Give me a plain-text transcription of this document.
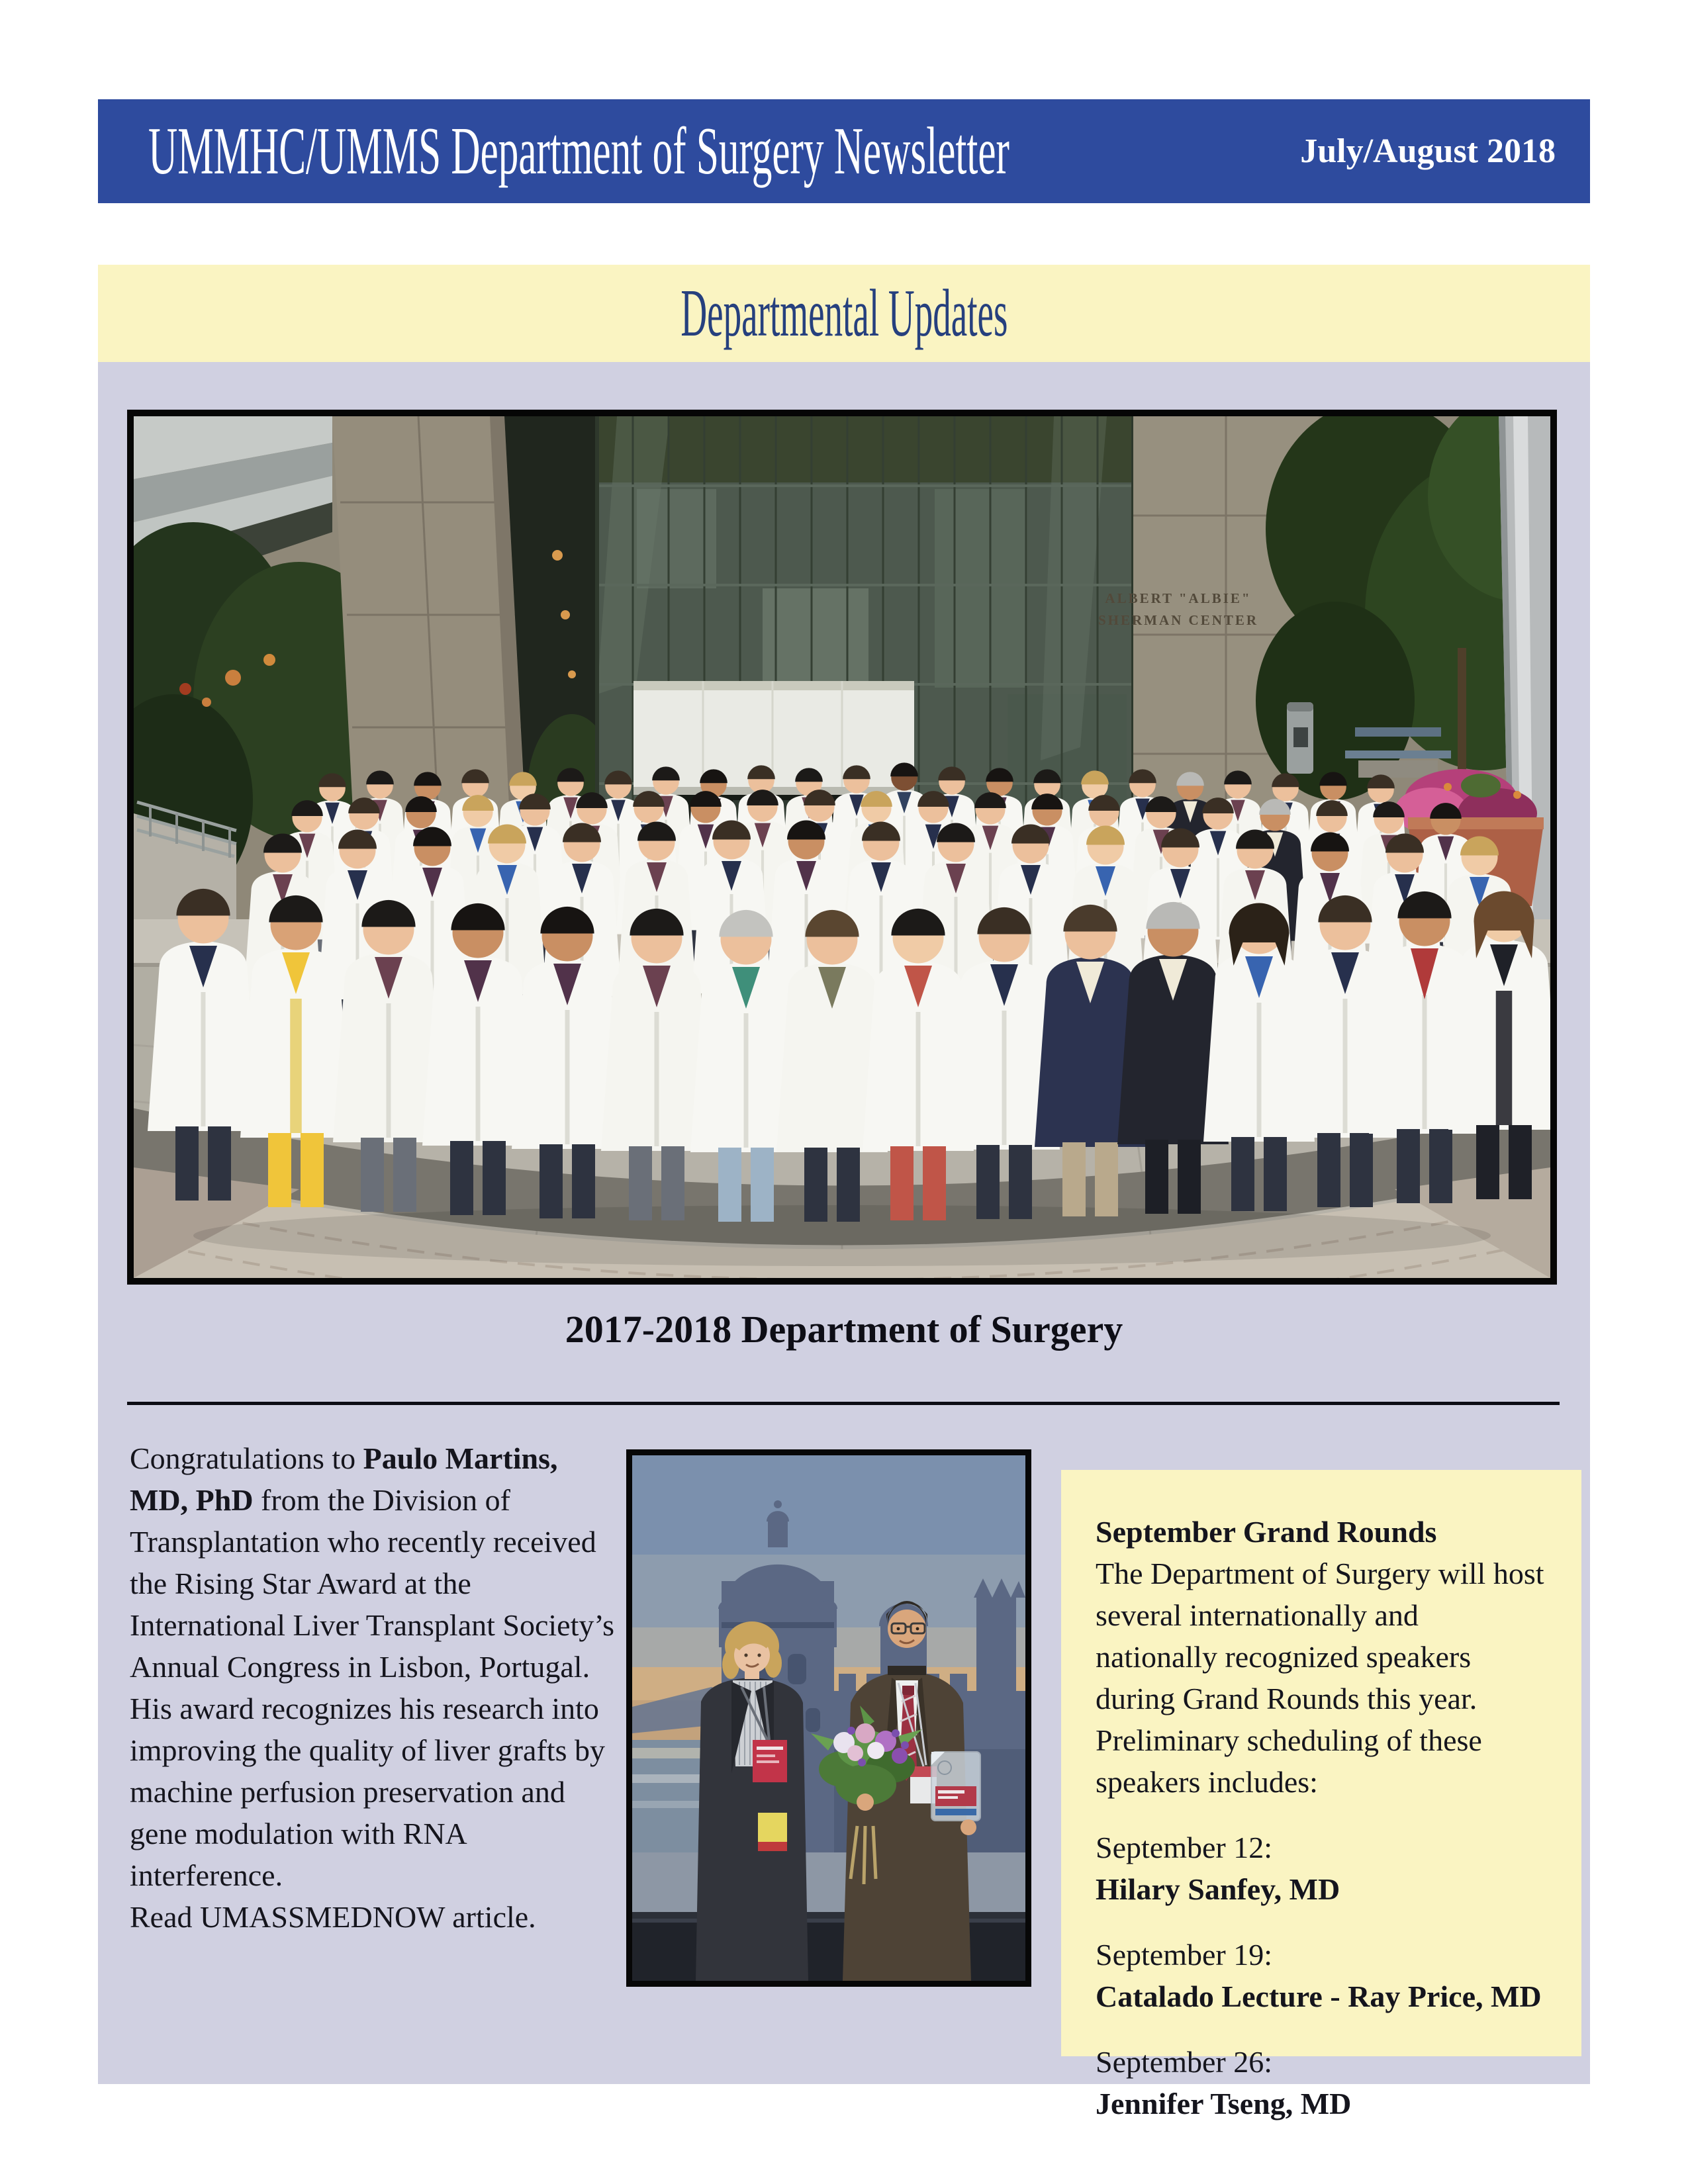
UMMHC/UMMS Department of Surgery Newsletter	July/August 2018
Departmental Updates
ALBERT "ALBIE"
SHERMAN CENTER
2017-2018 Department of Surgery

Congratulations to Paulo Martins, MD, PhD from the Division of Transplantation who recently received the Rising Star Award at the International Liver Transplant Society’s Annual Congress in Lisbon, Portugal. His award recognizes his research into improving the quality of liver grafts by machine perfusion preservation and gene modulation with RNA interference.

Read UMASSMEDNOW article.

September Grand Rounds

The Department of Surgery will host several internationally and nationally recognized speakers during Grand Rounds this year. Preliminary scheduling of these speakers includes:

September 12:
Hilary Sanfey, MD
September 19:
Catalado Lecture - Ray Price, MD
September 26:
Jennifer Tseng, MD
